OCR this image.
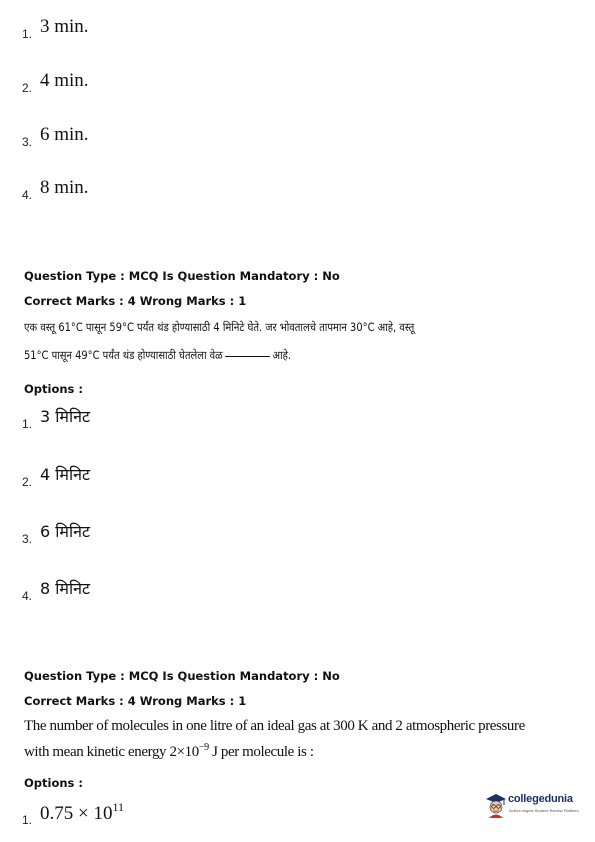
1. 3 min.
2. 4 min.
3. 6 min.
4. 8 min.
Question Type : MCQ Is Question Mandatory : No
Correct Marks : 4 Wrong Marks : 1
एक वस्तू 61°C पासून 59°C पर्यंत थंड होण्यासाठी 4 मिनिटे घेते. जर भोवतालचे तापमान 30°C आहे, वस्तू
51°C पासून 49°C पर्यंत थंड होण्यासाठी घेतलेला वेळ	आहे.
Options :
1. 3 मिनिट
2. 4 मिनिट
3. 6 मिनिट
4. 8 मिनिट
Question Type : MCQ Is Question Mandatory : No
Correct Marks : 4 Wrong Marks : 1
The number of molecules in one litre of an ideal gas at 300 K and 2 atmospheric pressure
with mean kinetic energy $2\times 10^{-9}$ J per molecule is :
Options :
1. $0.75 \times 10^{11}$
collegedunia
India's largest Student Review Platform
